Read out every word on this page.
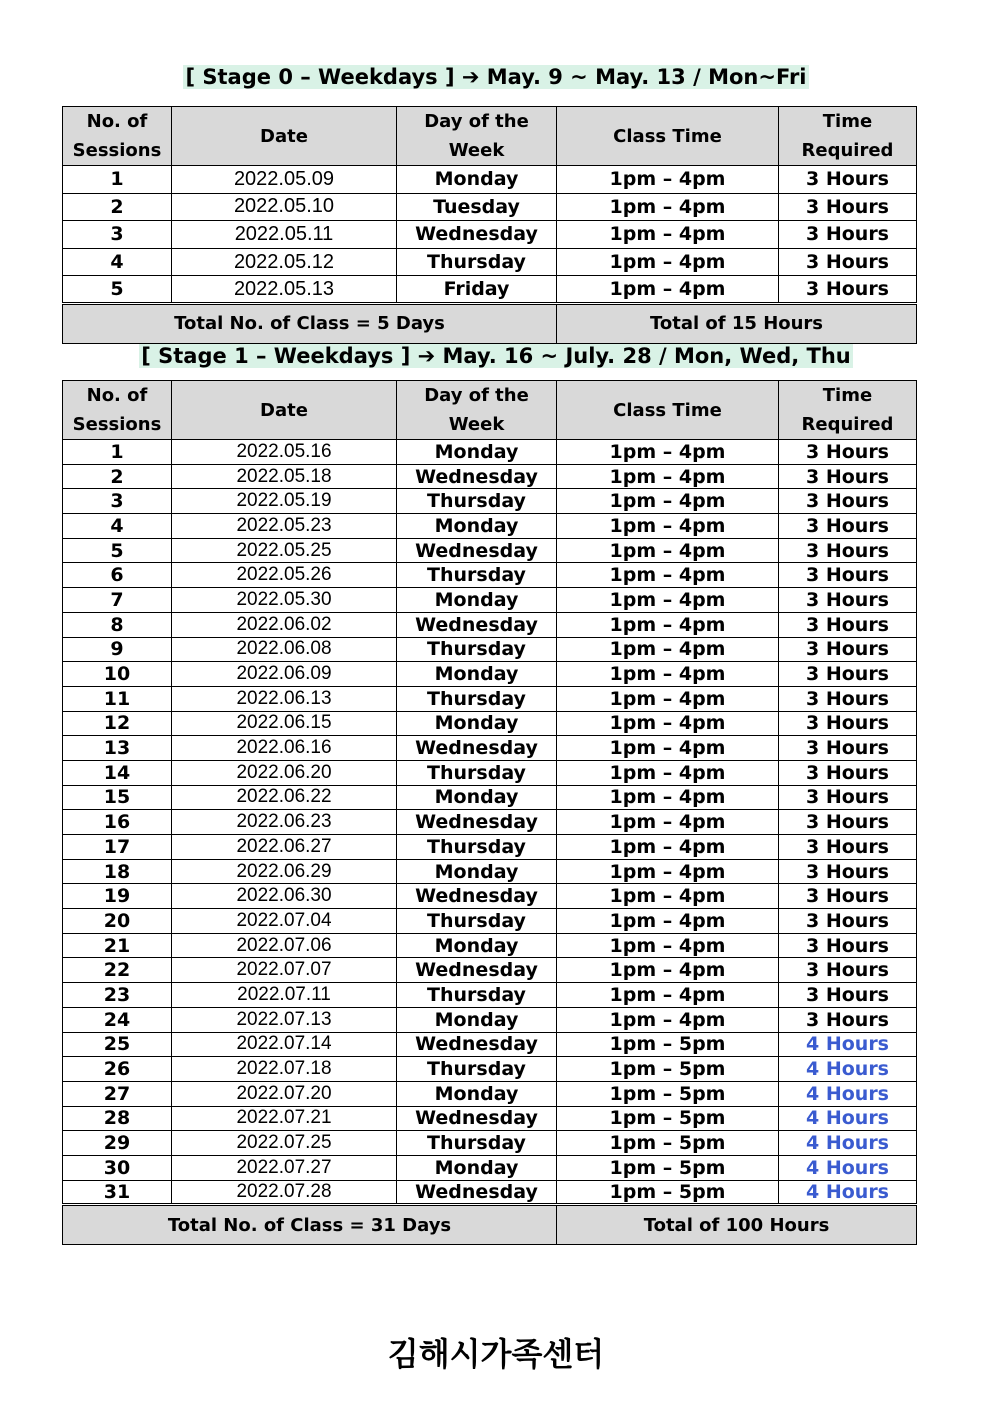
[ Stage 0 – Weekdays ] ➔ May. 9 ~ May. 13 / Mon~Fri
No. of Sessions	Date	Day of the Week	Class Time	Time Required
1	2022.05.09	Monday	1pm – 4pm	3 Hours
2	2022.05.10	Tuesday	1pm – 4pm	3 Hours
3	2022.05.11	Wednesday	1pm – 4pm	3 Hours
4	2022.05.12	Thursday	1pm – 4pm	3 Hours
5	2022.05.13	Friday	1pm – 4pm	3 Hours
Total No. of Class = 5 Days			Total of 15 Hours	
[ Stage 1 – Weekdays ] ➔ May. 16 ~ July. 28 / Mon, Wed, Thu
No. of Sessions	Date	Day of the Week	Class Time	Time Required
1	2022.05.16	Monday	1pm – 4pm	3 Hours
2	2022.05.18	Wednesday	1pm – 4pm	3 Hours
3	2022.05.19	Thursday	1pm – 4pm	3 Hours
4	2022.05.23	Monday	1pm – 4pm	3 Hours
5	2022.05.25	Wednesday	1pm – 4pm	3 Hours
6	2022.05.26	Thursday	1pm – 4pm	3 Hours
7	2022.05.30	Monday	1pm – 4pm	3 Hours
8	2022.06.02	Wednesday	1pm – 4pm	3 Hours
9	2022.06.08	Thursday	1pm – 4pm	3 Hours
10	2022.06.09	Monday	1pm – 4pm	3 Hours
11	2022.06.13	Thursday	1pm – 4pm	3 Hours
12	2022.06.15	Monday	1pm – 4pm	3 Hours
13	2022.06.16	Wednesday	1pm – 4pm	3 Hours
14	2022.06.20	Thursday	1pm – 4pm	3 Hours
15	2022.06.22	Monday	1pm – 4pm	3 Hours
16	2022.06.23	Wednesday	1pm – 4pm	3 Hours
17	2022.06.27	Thursday	1pm – 4pm	3 Hours
18	2022.06.29	Monday	1pm – 4pm	3 Hours
19	2022.06.30	Wednesday	1pm – 4pm	3 Hours
20	2022.07.04	Thursday	1pm – 4pm	3 Hours
21	2022.07.06	Monday	1pm – 4pm	3 Hours
22	2022.07.07	Wednesday	1pm – 4pm	3 Hours
23	2022.07.11	Thursday	1pm – 4pm	3 Hours
24	2022.07.13	Monday	1pm – 4pm	3 Hours
25	2022.07.14	Wednesday	1pm – 5pm	4 Hours
26	2022.07.18	Thursday	1pm – 5pm	4 Hours
27	2022.07.20	Monday	1pm – 5pm	4 Hours
28	2022.07.21	Wednesday	1pm – 5pm	4 Hours
29	2022.07.25	Thursday	1pm – 5pm	4 Hours
30	2022.07.27	Monday	1pm – 5pm	4 Hours
31	2022.07.28	Wednesday	1pm – 5pm	4 Hours
Total No. of Class = 31 Days			Total of 100 Hours	
김해시가족센터
